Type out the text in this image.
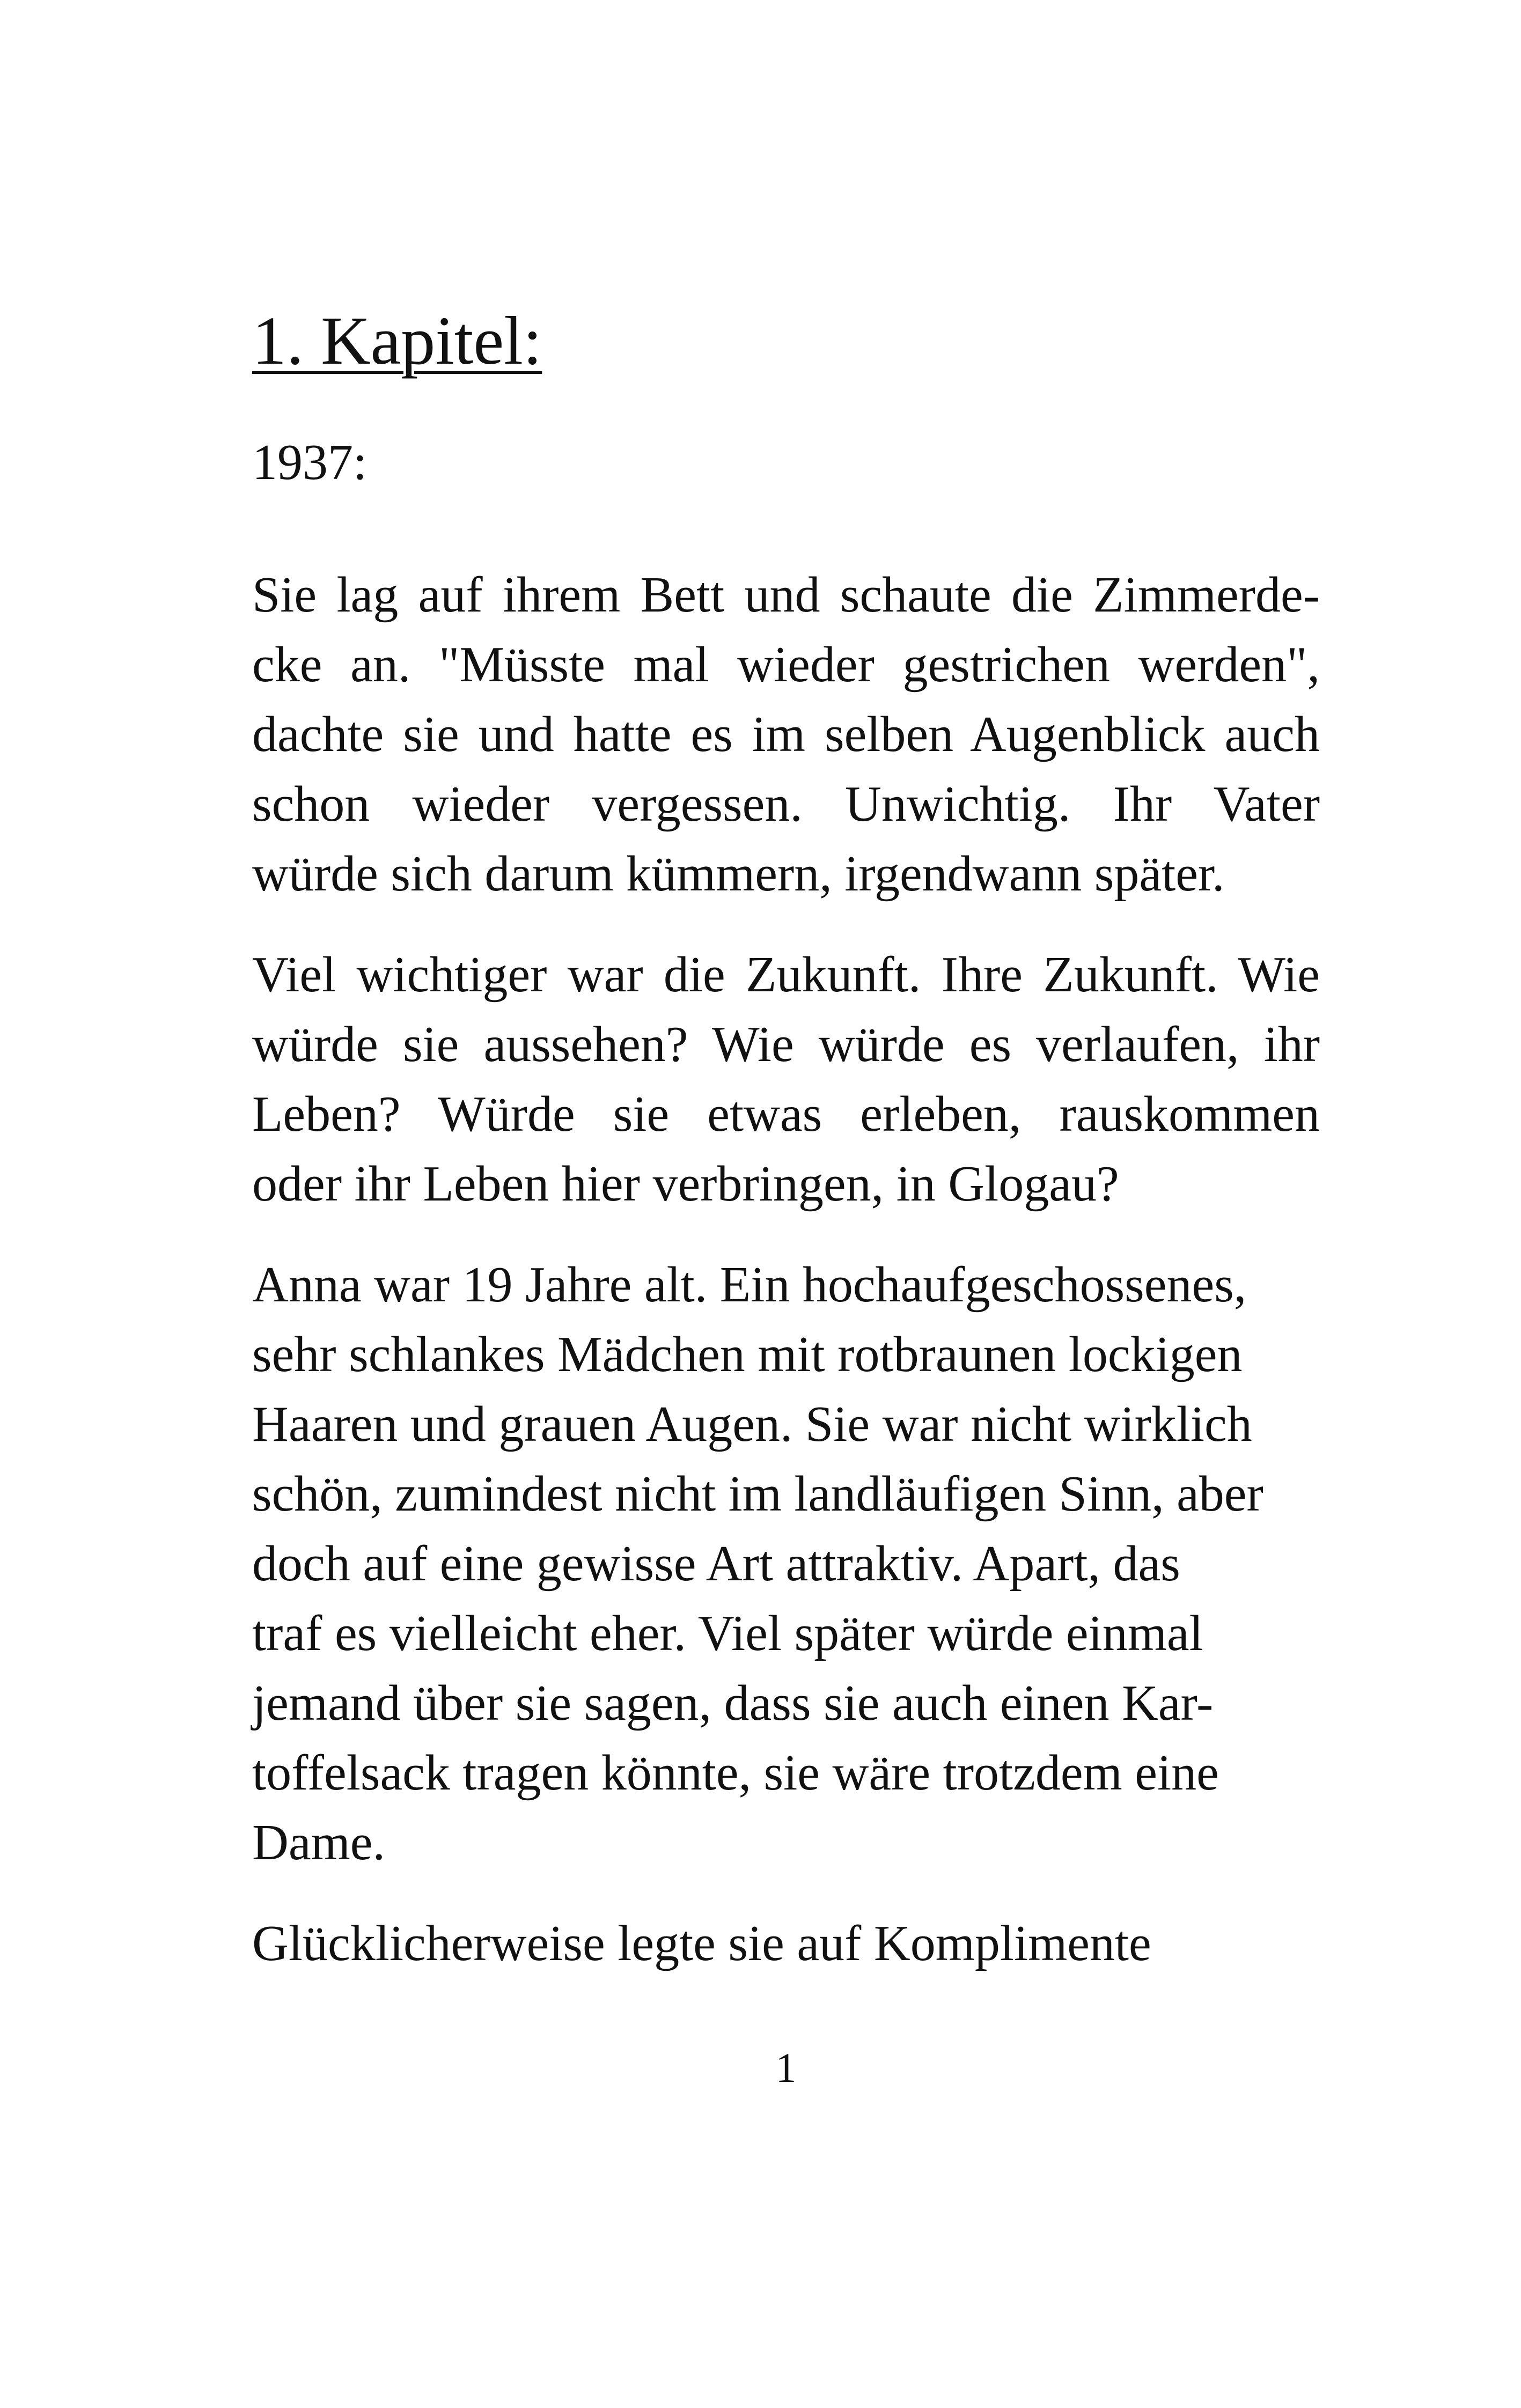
1. Kapitel:

1937:

Sie lag auf ihrem Bett und schaute die Zimmerde-
cke an. "Müsste mal wieder gestrichen werden",
dachte sie und hatte es im selben Augenblick auch
schon wieder vergessen. Unwichtig. Ihr Vater
würde sich darum kümmern, irgendwann später.

Viel wichtiger war die Zukunft. Ihre Zukunft. Wie
würde sie aussehen? Wie würde es verlaufen, ihr
Leben? Würde sie etwas erleben, rauskommen
oder ihr Leben hier verbringen, in Glogau?

Anna war 19 Jahre alt. Ein hochaufgeschossenes,
sehr schlankes Mädchen mit rotbraunen lockigen
Haaren und grauen Augen. Sie war nicht wirklich
schön, zumindest nicht im landläufigen Sinn, aber
doch auf eine gewisse Art attraktiv. Apart, das
traf es vielleicht eher. Viel später würde einmal
jemand über sie sagen, dass sie auch einen Kar-
toffelsack tragen könnte, sie wäre trotzdem eine
Dame.

Glücklicherweise legte sie auf Komplimente

1
